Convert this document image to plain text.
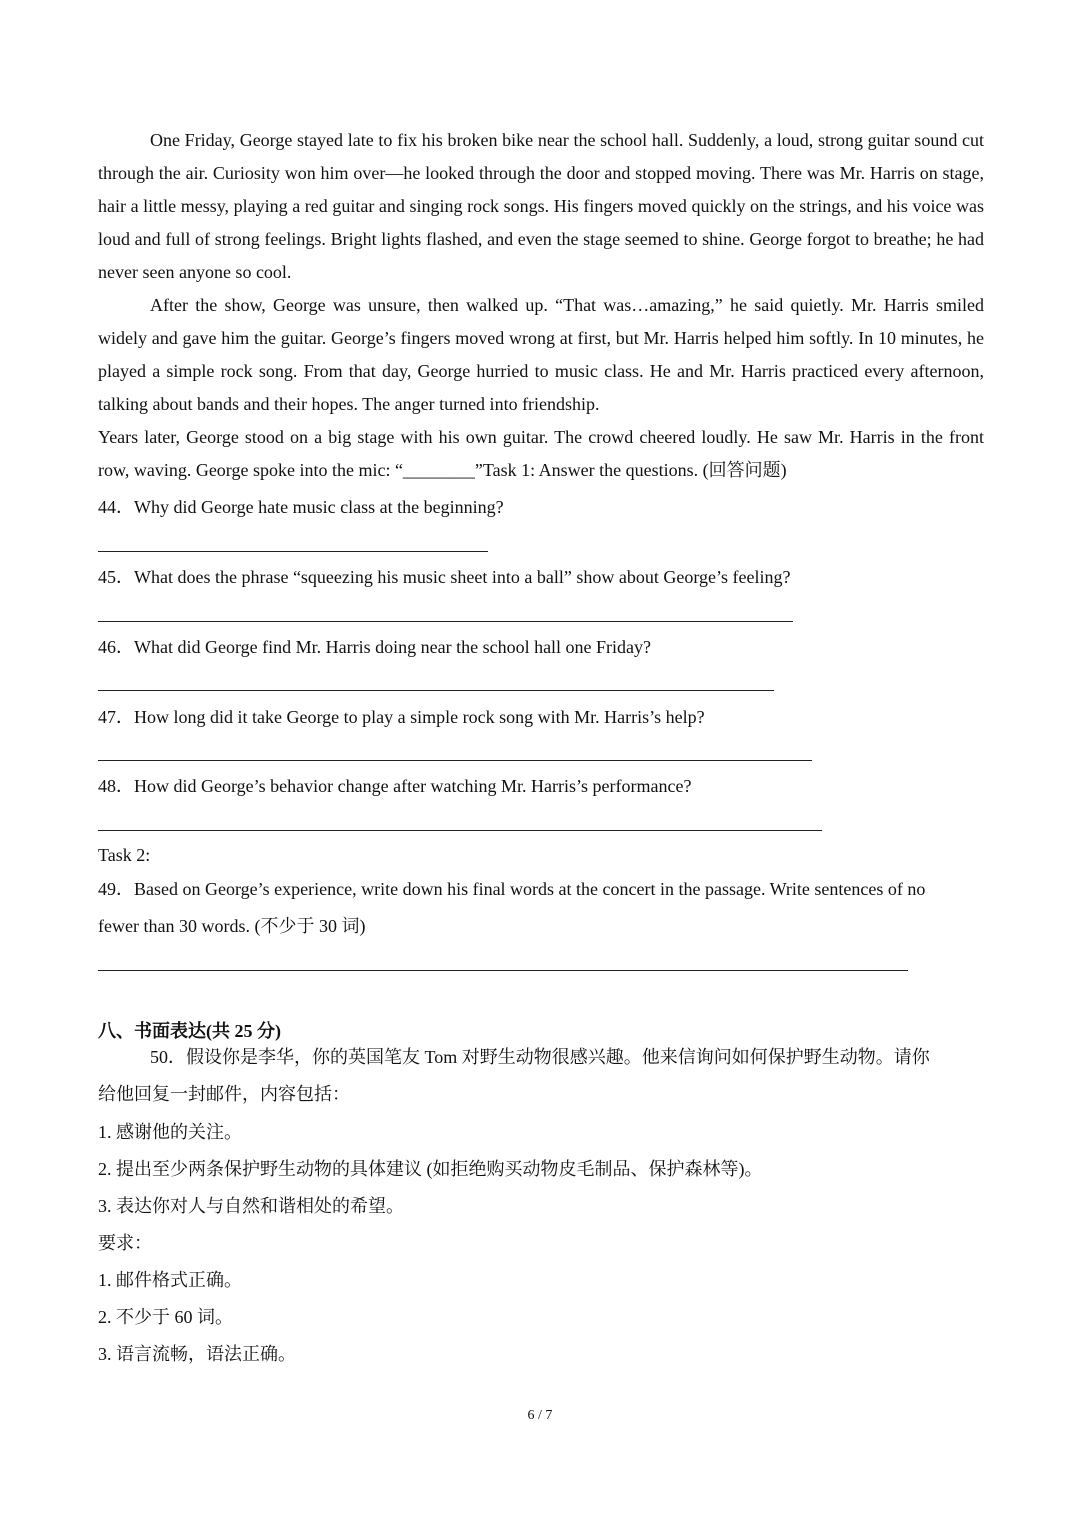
One Friday, George stayed late to fix his broken bike near the school hall. Suddenly, a loud, strong guitar sound cut through the air. Curiosity won him over—he looked through the door and stopped moving. There was Mr. Harris on stage, hair a little messy, playing a red guitar and singing rock songs. His fingers moved quickly on the strings, and his voice was loud and full of strong feelings. Bright lights flashed, and even the stage seemed to shine. George forgot to breathe; he had never seen anyone so cool.

After the show, George was unsure, then walked up. “That was…amazing,” he said quietly. Mr. Harris smiled widely and gave him the guitar. George’s fingers moved wrong at first, but Mr. Harris helped him softly. In 10 minutes, he played a simple rock song. From that day, George hurried to music class. He and Mr. Harris practiced every afternoon, talking about bands and their hopes. The anger turned into friendship.

Years later, George stood on a big stage with his own guitar. The crowd cheered loudly. He saw Mr. Harris in the front row, waving. George spoke into the mic: “________”Task 1: Answer the questions. (回答问题)

44．Why did George hate music class at the beginning?
45．What does the phrase “squeezing his music sheet into a ball” show about George’s feeling?
46．What did George find Mr. Harris doing near the school hall one Friday?
47．How long did it take George to play a simple rock song with Mr. Harris’s help?
48．How did George’s behavior change after watching Mr. Harris’s performance?
Task 2:
49．Based on George’s experience, write down his final words at the concert in the passage. Write sentences of no
fewer than 30 words. (不少于 30 词)
八、书面表达(共 25 分)
50．假设你是李华，你的英国笔友 Tom 对野生动物很感兴趣。他来信询问如何保护野生动物。请你
给他回复一封邮件，内容包括：
1. 感谢他的关注。
2. 提出至少两条保护野生动物的具体建议 (如拒绝购买动物皮毛制品、保护森林等)。
3. 表达你对人与自然和谐相处的希望。
要求：
1. 邮件格式正确。
2. 不少于 60 词。
3. 语言流畅，语法正确。
6 / 7
